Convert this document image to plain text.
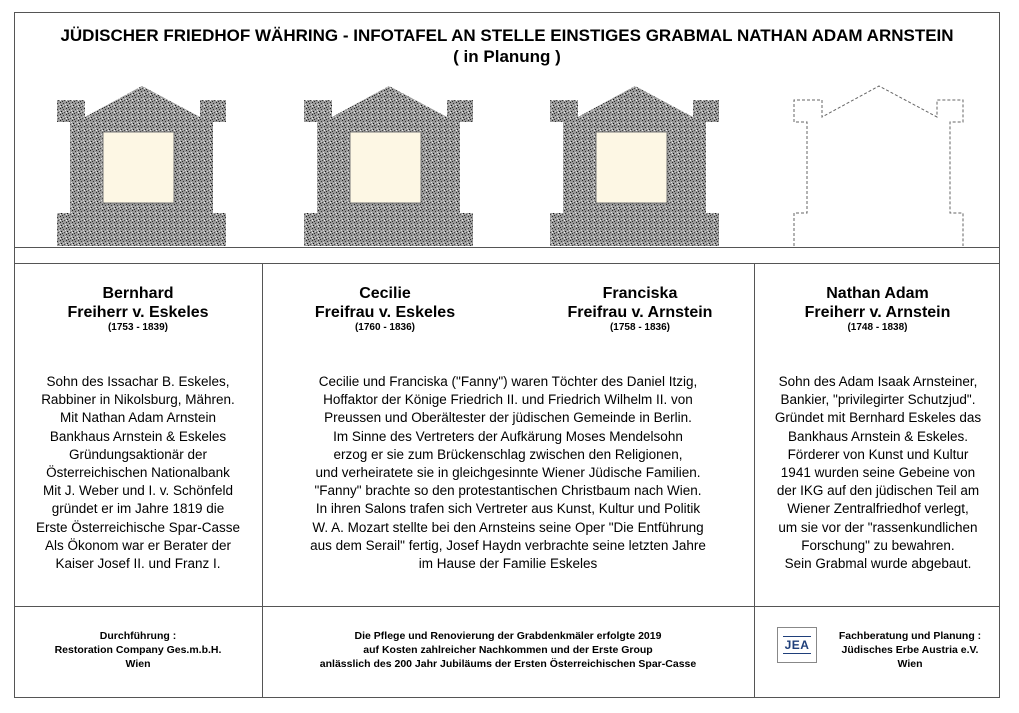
JÜDISCHER FRIEDHOF WÄHRING - INFOTAFEL AN STELLE EINSTIGES GRABMAL NATHAN ADAM ARNSTEIN
( in Planung )
Bernhard
Freiherr v. Eskeles
(1753 - 1839)
Sohn des Issachar B. Eskeles,
Rabbiner in Nikolsburg, Mähren.
Mit Nathan Adam Arnstein
Bankhaus Arnstein & Eskeles
Gründungsaktionär der
Österreichischen Nationalbank
Mit J. Weber und I. v. Schönfeld
gründet er im Jahre 1819 die
Erste Österreichische Spar-Casse
Als Ökonom war er Berater der
Kaiser Josef II. und Franz I.
Cecilie
Freifrau v. Eskeles
(1760 - 1836)
Franciska
Freifrau v. Arnstein
(1758 - 1836)
Cecilie und Franciska ("Fanny") waren Töchter des Daniel Itzig,
Hoffaktor der Könige Friedrich II. und Friedrich Wilhelm II. von
Preussen und Oberältester der jüdischen Gemeinde in Berlin.
Im Sinne des Vertreters der Aufkärung Moses Mendelsohn
erzog er sie zum Brückenschlag zwischen den Religionen,
und verheiratete sie in gleichgesinnte Wiener Jüdische Familien.
"Fanny" brachte so den protestantischen Christbaum nach Wien.
In ihren Salons trafen sich Vertreter aus Kunst, Kultur und Politik
W. A. Mozart stellte bei den Arnsteins seine Oper "Die Entführung
aus dem Serail" fertig, Josef Haydn verbrachte seine letzten Jahre
im Hause der Familie Eskeles
Nathan Adam
Freiherr v. Arnstein
(1748 - 1838)
Sohn des Adam Isaak Arnsteiner,
Bankier, "privilegirter Schutzjud".
Gründet mit Bernhard Eskeles das
Bankhaus Arnstein & Eskeles.
Förderer von Kunst und Kultur
1941 wurden seine Gebeine von
der IKG auf den jüdischen Teil am
Wiener Zentralfriedhof verlegt,
um sie vor der "rassenkundlichen
Forschung" zu bewahren.
Sein Grabmal wurde abgebaut.
Durchführung :
Restoration Company Ges.m.b.H.
Wien
Die Pflege und Renovierung der Grabdenkmäler erfolgte 2019
auf Kosten zahlreicher Nachkommen und der Erste Group
anlässlich des 200 Jahr Jubiläums der Ersten Österreichischen Spar-Casse
JEA
Fachberatung und Planung :
Jüdisches Erbe Austria e.V.
Wien
